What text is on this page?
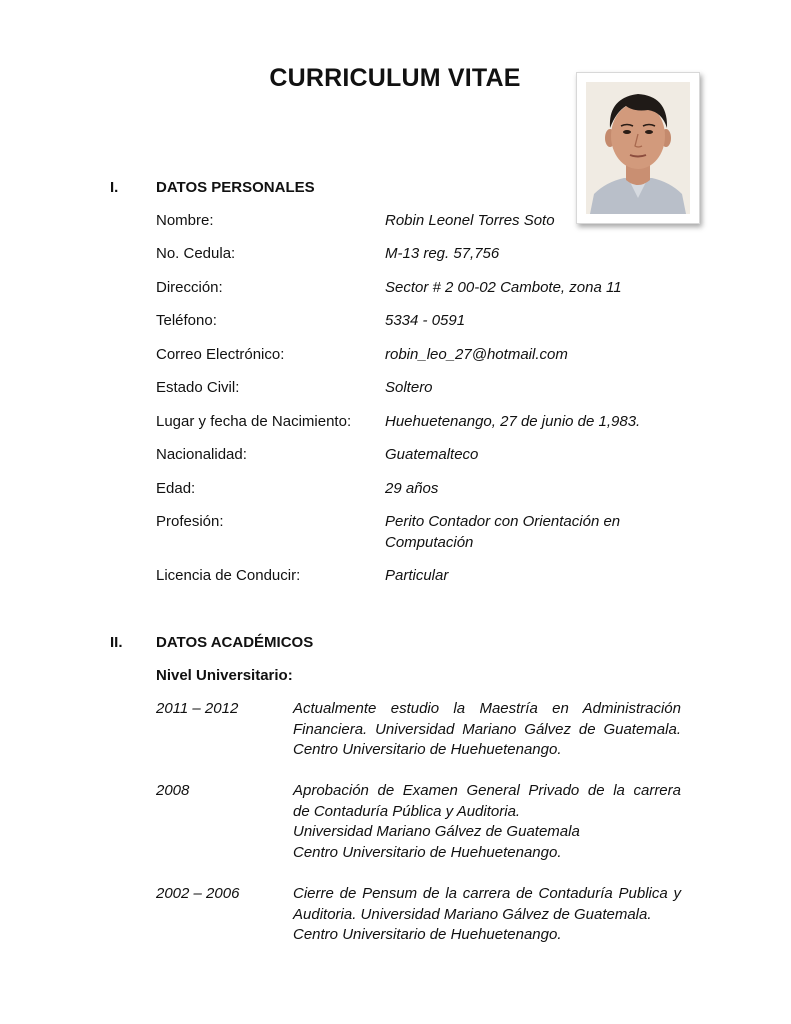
CURRICULUM VITAE
I.	DATOS PERSONALES
Nombre:	Robin Leonel Torres Soto
No. Cedula:	M-13 reg. 57,756
Dirección:	Sector # 2 00-02 Cambote, zona 11
Teléfono:	5334 - 0591
Correo Electrónico:	robin_leo_27@hotmail.com
Estado Civil:	Soltero
Lugar y fecha de Nacimiento: Huehuetenango, 27 de junio de 1,983.
Nacionalidad:	Guatemalteco
Edad:	29 años
Profesión:	Perito Contador con Orientación en Computación
Licencia de Conducir:	Particular
II. DATOS ACADÉMICOS
Nivel Universitario:
2011 – 2012	Actualmente estudio la Maestría en Administración
Financiera. Universidad Mariano Gálvez de Guatemala.
Centro Universitario de Huehuetenango.
2008	Aprobación de Examen General Privado de la carrera
de Contaduría Pública y Auditoria.
Universidad Mariano Gálvez de Guatemala
Centro Universitario de Huehuetenango.
2002 – 2006	Cierre de Pensum de la carrera de Contaduría Publica y
Auditoria. Universidad Mariano Gálvez de Guatemala.
Centro Universitario de Huehuetenango.
